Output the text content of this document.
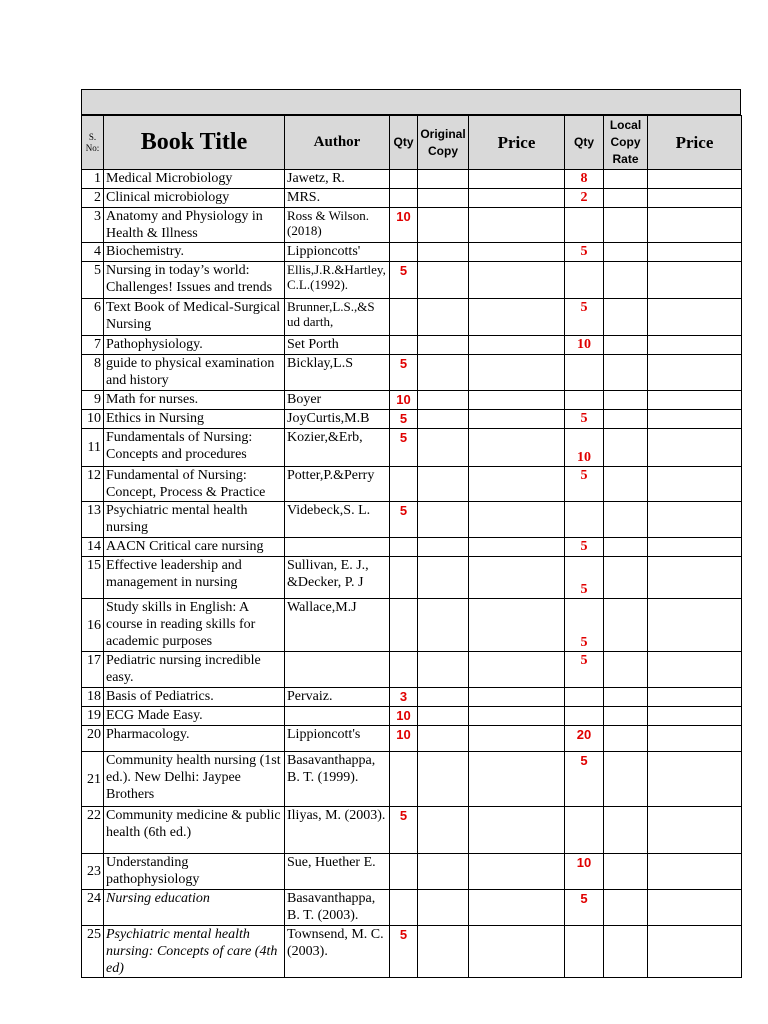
S. No:	Book Title	Author	Qty	Original Copy	Price	Qty	Local Copy Rate	Price
1	Medical Microbiology	Jawetz, R.				8		
2	Clinical microbiology	MRS.				2		
3	Anatomy and Physiology in Health & Illness	Ross & Wilson. (2018)	10					
4	Biochemistry.	Lippioncotts'				5		
5	Nursing in today’s world: Challenges! Issues and trends	Ellis,J.R.&Hartley, C.L.(1992).	5					
6	Text Book of Medical-Surgical Nursing	Brunner,L.S.,&S ud darth,				5		
7	Pathophysiology.	Set Porth				10		
8	guide to physical examination and history	Bicklay,L.S	5					
9	Math for nurses.	Boyer	10					
10	Ethics in Nursing	JoyCurtis,M.B	5			5		
11	Fundamentals of Nursing: Concepts and procedures	Kozier,&Erb,	5			10		
12	Fundamental of Nursing: Concept, Process & Practice	Potter,P.&Perry				5		
13	Psychiatric mental health nursing	Videbeck,S. L.	5					
14	AACN Critical care nursing					5		
15	Effective leadership and management in nursing	Sullivan, E. J., &Decker, P. J				5		
16	Study skills in English: A course in reading skills for academic purposes	Wallace,M.J				5		
17	Pediatric nursing incredible easy.					5		
18	Basis of Pediatrics.	Pervaiz.	3					
19	ECG Made Easy.		10					
20	Pharmacology.	Lippioncott's	10			20		
21	Community health nursing (1st ed.). New Delhi: Jaypee Brothers	Basavanthappa, B. T. (1999).				5		
22	Community medicine & public health (6th ed.)	Iliyas, M. (2003).	5					
23	Understanding pathophysiology	Sue, Huether E.				10		
24	Nursing education	Basavanthappa, B. T. (2003).				5		
25	Psychiatric mental health nursing: Concepts of care (4th ed)	Townsend, M. C. (2003).	5					
